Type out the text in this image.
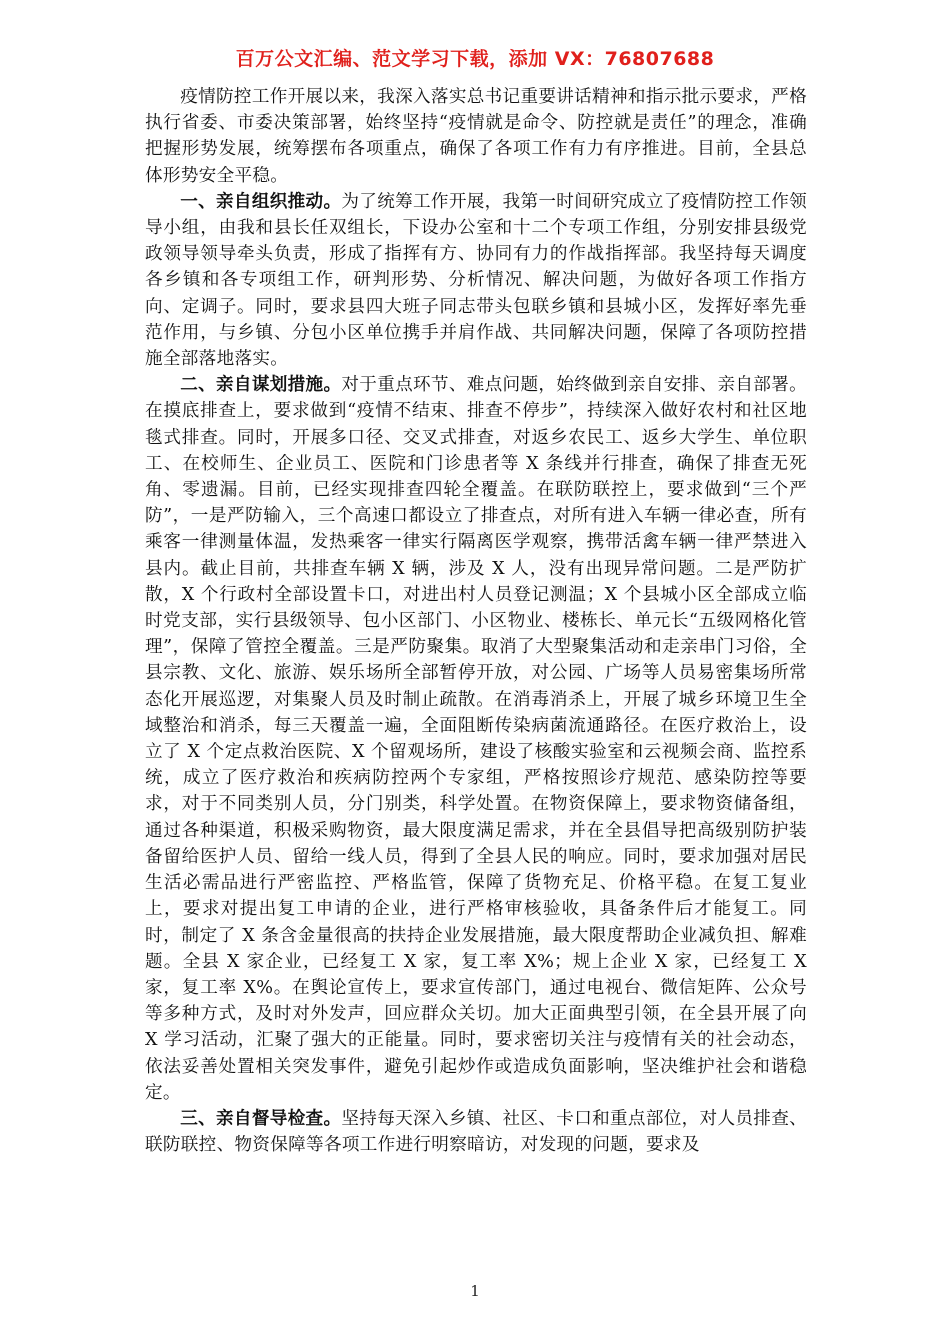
百万公文汇编、范文学习下载，添加 VX：76807688

疫情防控工作开展以来，我深入落实总书记重要讲话精神和指示批示要求，严格执行省委、市委决策部署，始终坚持“疫情就是命令、防控就是责任”的理念，准确把握形势发展，统筹摆布各项重点，确保了各项工作有力有序推进。目前，全县总体形势安全平稳。

一、亲自组织推动。为了统筹工作开展，我第一时间研究成立了疫情防控工作领导小组，由我和县长任双组长，下设办公室和十二个专项工作组，分别安排县级党政领导领导牵头负责，形成了指挥有方、协同有力的作战指挥部。我坚持每天调度各乡镇和各专项组工作，研判形势、分析情况、解决问题，为做好各项工作指方向、定调子。同时，要求县四大班子同志带头包联乡镇和县城小区，发挥好率先垂范作用，与乡镇、分包小区单位携手并肩作战、共同解决问题，保障了各项防控措施全部落地落实。

二、亲自谋划措施。对于重点环节、难点问题，始终做到亲自安排、亲自部署。在摸底排查上，要求做到“疫情不结束、排查不停步”，持续深入做好农村和社区地毯式排查。同时，开展多口径、交叉式排查，对返乡农民工、返乡大学生、单位职工、在校师生、企业员工、医院和门诊患者等 X 条线并行排查，确保了排查无死角、零遗漏。目前，已经实现排查四轮全覆盖。在联防联控上，要求做到“三个严防”，一是严防输入，三个高速口都设立了排查点，对所有进入车辆一律必查，所有乘客一律测量体温，发热乘客一律实行隔离医学观察，携带活禽车辆一律严禁进入县内。截止目前，共排查车辆 X 辆，涉及 X 人，没有出现异常问题。二是严防扩散，X 个行政村全部设置卡口，对进出村人员登记测温；X 个县城小区全部成立临时党支部，实行县级领导、包小区部门、小区物业、楼栋长、单元长“五级网格化管理”，保障了管控全覆盖。三是严防聚集。取消了大型聚集活动和走亲串门习俗，全县宗教、文化、旅游、娱乐场所全部暂停开放，对公园、广场等人员易密集场所常态化开展巡逻，对集聚人员及时制止疏散。在消毒消杀上，开展了城乡环境卫生全域整治和消杀，每三天覆盖一遍，全面阻断传染病菌流通路径。在医疗救治上，设立了 X 个定点救治医院、X 个留观场所，建设了核酸实验室和云视频会商、监控系统，成立了医疗救治和疾病防控两个专家组，严格按照诊疗规范、感染防控等要求，对于不同类别人员，分门别类，科学处置。在物资保障上，要求物资储备组，通过各种渠道，积极采购物资，最大限度满足需求，并在全县倡导把高级别防护装备留给医护人员、留给一线人员，得到了全县人民的响应。同时，要求加强对居民生活必需品进行严密监控、严格监管，保障了货物充足、价格平稳。在复工复业上，要求对提出复工申请的企业，进行严格审核验收，具备条件后才能复工。同时，制定了 X 条含金量很高的扶持企业发展措施，最大限度帮助企业减负担、解难题。全县 X 家企业，已经复工 X 家，复工率 X%；规上企业 X 家，已经复工 X 家，复工率 X%。在舆论宣传上，要求宣传部门，通过电视台、微信矩阵、公众号等多种方式，及时对外发声，回应群众关切。加大正面典型引领，在全县开展了向 X 学习活动，汇聚了强大的正能量。同时，要求密切关注与疫情有关的社会动态，依法妥善处置相关突发事件，避免引起炒作或造成负面影响，坚决维护社会和谐稳定。

三、亲自督导检查。坚持每天深入乡镇、社区、卡口和重点部位，对人员排查、联防联控、物资保障等各项工作进行明察暗访，对发现的问题，要求及

1
